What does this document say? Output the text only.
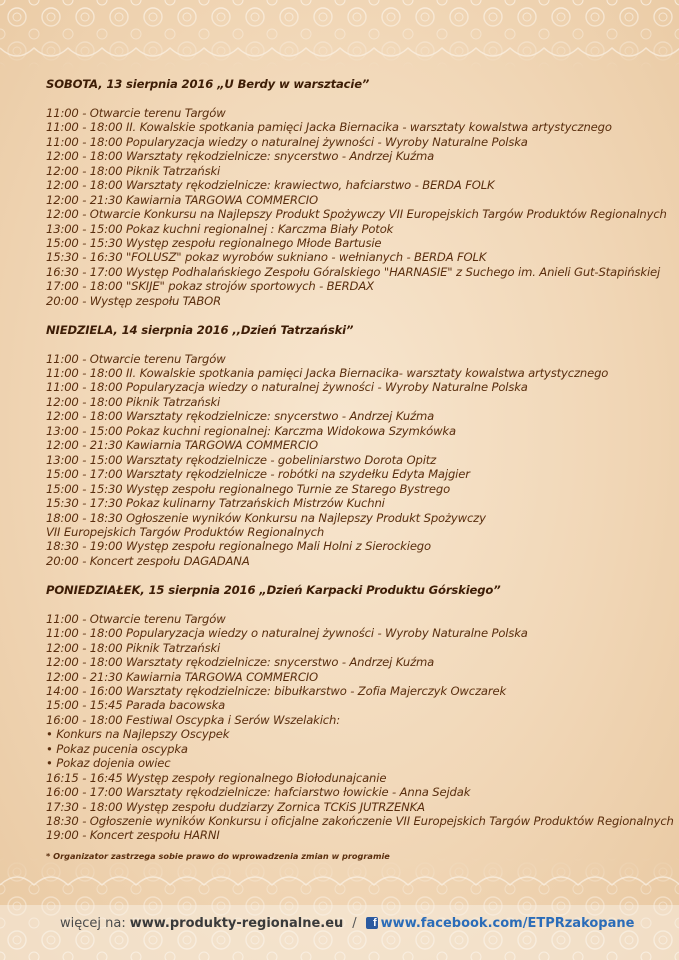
SOBOTA, 13 sierpnia 2016 „U Berdy w warsztacie”

11:00 - Otwarcie terenu Targów
11:00 - 18:00 II. Kowalskie spotkania pamięci Jacka Biernacika - warsztaty kowalstwa artystycznego
11:00 - 18:00 Popularyzacja wiedzy o naturalnej żywności - Wyroby Naturalne Polska
12:00 - 18:00 Warsztaty rękodzielnicze: snycerstwo - Andrzej Kuźma
12:00 - 18:00 Piknik Tatrzański
12:00 - 18:00 Warsztaty rękodzielnicze: krawiectwo, hafciarstwo - BERDA FOLK
12:00 - 21:30 Kawiarnia TARGOWA COMMERCIO
12:00 - Otwarcie Konkursu na Najlepszy Produkt Spożywczy VII Europejskich Targów Produktów Regionalnych
13:00 - 15:00 Pokaz kuchni regionalnej : Karczma Biały Potok
15:00 - 15:30 Występ zespołu regionalnego Młode Bartusie
15:30 - 16:30 "FOLUSZ" pokaz wyrobów sukniano - wełnianych - BERDA FOLK
16:30 - 17:00 Występ Podhalańskiego Zespołu Góralskiego "HARNASIE" z Suchego im. Anieli Gut-Stapińskiej
17:00 - 18:00 "SKIJE" pokaz strojów sportowych - BERDAX
20:00 - Występ zespołu TABOR

NIEDZIELA, 14 sierpnia 2016 ,,Dzień Tatrzański”

11:00 - Otwarcie terenu Targów
11:00 - 18:00 II. Kowalskie spotkania pamięci Jacka Biernacika- warsztaty kowalstwa artystycznego
11:00 - 18:00 Popularyzacja wiedzy o naturalnej żywności - Wyroby Naturalne Polska
12:00 - 18:00 Piknik Tatrzański
12:00 - 18:00 Warsztaty rękodzielnicze: snycerstwo - Andrzej Kuźma
13:00 - 15:00 Pokaz kuchni regionalnej: Karczma Widokowa Szymkówka
12:00 - 21:30 Kawiarnia TARGOWA COMMERCIO
13:00 - 15:00 Warsztaty rękodzielnicze - gobeliniarstwo Dorota Opitz
15:00 - 17:00 Warsztaty rękodzielnicze - robótki na szydełku Edyta Majgier
15:00 - 15:30 Występ zespołu regionalnego Turnie ze Starego Bystrego
15:30 - 17:30 Pokaz kulinarny Tatrzańskich Mistrzów Kuchni
18:00 - 18:30 Ogłoszenie wyników Konkursu na Najlepszy Produkt Spożywczy
VII Europejskich Targów Produktów Regionalnych
18:30 - 19:00 Występ zespołu regionalnego Mali Holni z Sierockiego
20:00 - Koncert zespołu DAGADANA

PONIEDZIAŁEK, 15 sierpnia 2016 „Dzień Karpacki Produktu Górskiego”

11:00 - Otwarcie terenu Targów
11:00 - 18:00 Popularyzacja wiedzy o naturalnej żywności - Wyroby Naturalne Polska
12:00 - 18:00 Piknik Tatrzański
12:00 - 18:00 Warsztaty rękodzielnicze: snycerstwo - Andrzej Kuźma
12:00 - 21:30 Kawiarnia TARGOWA COMMERCIO
14:00 - 16:00 Warsztaty rękodzielnicze: bibułkarstwo - Zofia Majerczyk Owczarek
15:00 - 15:45 Parada bacowska
16:00 - 18:00 Festiwal Oscypka i Serów Wszelakich:
• Konkurs na Najlepszy Oscypek
• Pokaz pucenia oscypka
• Pokaz dojenia owiec
16:15 - 16:45 Występ zespoły regionalnego Biołodunajcanie
16:00 - 17:00 Warsztaty rękodzielnicze: hafciarstwo łowickie - Anna Sejdak
17:30 - 18:00 Występ zespołu dudziarzy Zornica TCKiS JUTRZENKA
18:30 - Ogłoszenie wyników Konkursu i oficjalne zakończenie VII Europejskich Targów Produktów Regionalnych
19:00 - Koncert zespołu HARNI
więcej na: www.produkty-regionalne.eu /	f www.facebook.com/ETPRzakopane
